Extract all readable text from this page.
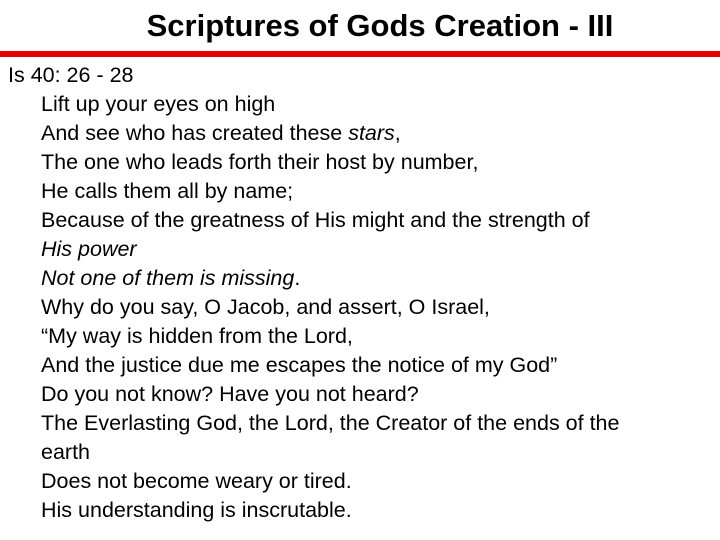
Scriptures of Gods Creation - III

Is 40: 26 - 28

Lift up your eyes on high

And see who has created these stars,

The one who leads forth their host by number,

He calls them all by name;

Because of the greatness of His might and the strength of

His power

Not one of them is missing.

Why do you say, O Jacob, and assert, O Israel,

“My way is hidden from the Lord,

And the justice due me escapes the notice of my God”

Do you not know? Have you not heard?

The Everlasting God, the Lord, the Creator of the ends of the

earth

Does not become weary or tired.

His understanding is inscrutable.
